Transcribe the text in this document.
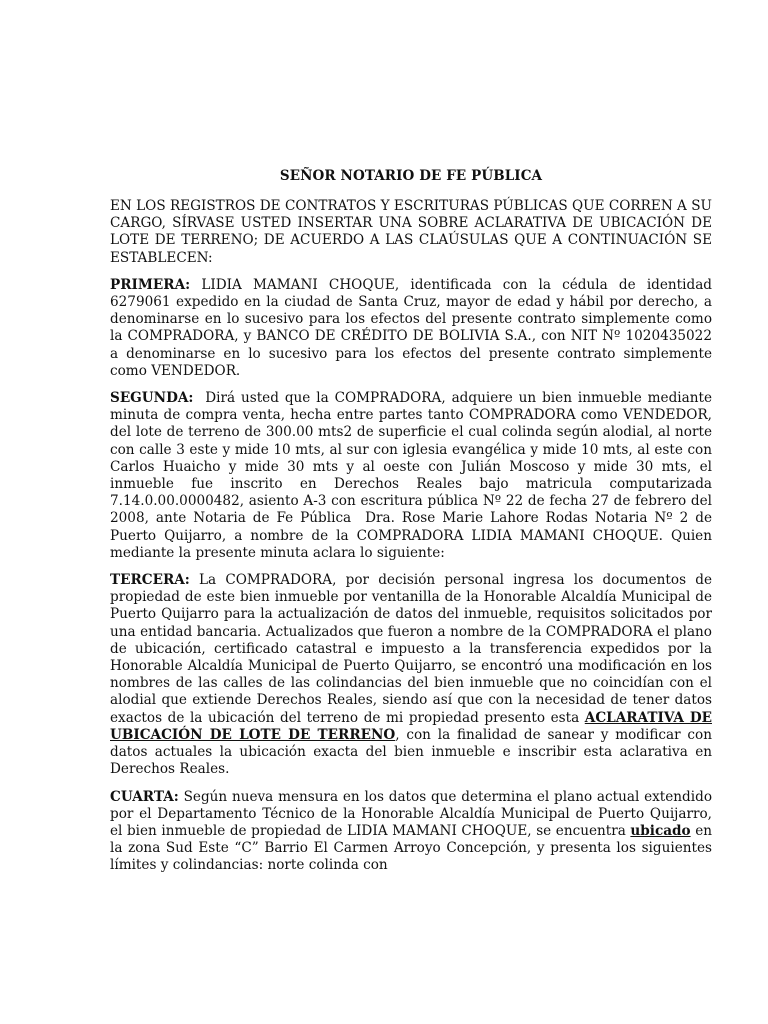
SEÑOR NOTARIO DE FE PÚBLICA

EN LOS REGISTROS DE CONTRATOS Y ESCRITURAS PÚBLICAS QUE CORREN A SU CARGO, SÍRVASE USTED INSERTAR UNA SOBRE ACLARATIVA DE UBICACIÓN DE LOTE DE TERRENO; DE ACUERDO A LAS CLAÚSULAS QUE A CONTINUACIÓN SE ESTABLECEN:

PRIMERA: LIDIA MAMANI CHOQUE, identificada con la cédula de identidad 6279061 expedido en la ciudad de Santa Cruz, mayor de edad y hábil por derecho, a denominarse en lo sucesivo para los efectos del presente contrato simplemente como la COMPRADORA, y BANCO DE CRÉDITO DE BOLIVIA S.A., con NIT Nº 1020435022 a denominarse en lo sucesivo para los efectos del presente contrato simplemente como VENDEDOR.

SEGUNDA:  Dirá usted que la COMPRADORA, adquiere un bien inmueble mediante minuta de compra venta, hecha entre partes tanto COMPRADORA como VENDEDOR, del lote de terreno de 300.00 mts2 de superficie el cual colinda según alodial, al norte con calle 3 este y mide 10 mts, al sur con iglesia evangélica y mide 10 mts, al este con Carlos Huaicho y mide 30 mts y al oeste con Julián Moscoso y mide 30 mts, el inmueble fue inscrito en Derechos Reales bajo matricula computarizada 7.14.0.00.0000482, asiento A-3 con escritura pública Nº 22 de fecha 27 de febrero del 2008, ante Notaria de Fe Pública  Dra. Rose Marie Lahore Rodas Notaria Nº 2 de Puerto Quijarro, a nombre de la COMPRADORA LIDIA MAMANI CHOQUE. Quien mediante la presente minuta aclara lo siguiente:

TERCERA: La COMPRADORA, por decisión personal ingresa los documentos de propiedad de este bien inmueble por ventanilla de la Honorable Alcaldía Municipal de Puerto Quijarro para la actualización de datos del inmueble, requisitos solicitados por una entidad bancaria. Actualizados que fueron a nombre de la COMPRADORA el plano de ubicación, certificado catastral e impuesto a la transferencia expedidos por la Honorable Alcaldía Municipal de Puerto Quijarro, se encontró una modificación en los nombres de las calles de las colindancias del bien inmueble que no coincidían con el alodial que extiende Derechos Reales, siendo así que con la necesidad de tener datos exactos de la ubicación del terreno de mi propiedad presento esta ACLARATIVA DE UBICACIÓN DE LOTE DE TERRENO, con la finalidad de sanear y modificar con datos actuales la ubicación exacta del bien inmueble e inscribir esta aclarativa en Derechos Reales.

CUARTA: Según nueva mensura en los datos que determina el plano actual extendido por el Departamento Técnico de la Honorable Alcaldía Municipal de Puerto Quijarro, el bien inmueble de propiedad de LIDIA MAMANI CHOQUE, se encuentra ubicado en la zona Sud Este “C” Barrio El Carmen Arroyo Concepción, y presenta los siguientes límites y colindancias: norte colinda con
